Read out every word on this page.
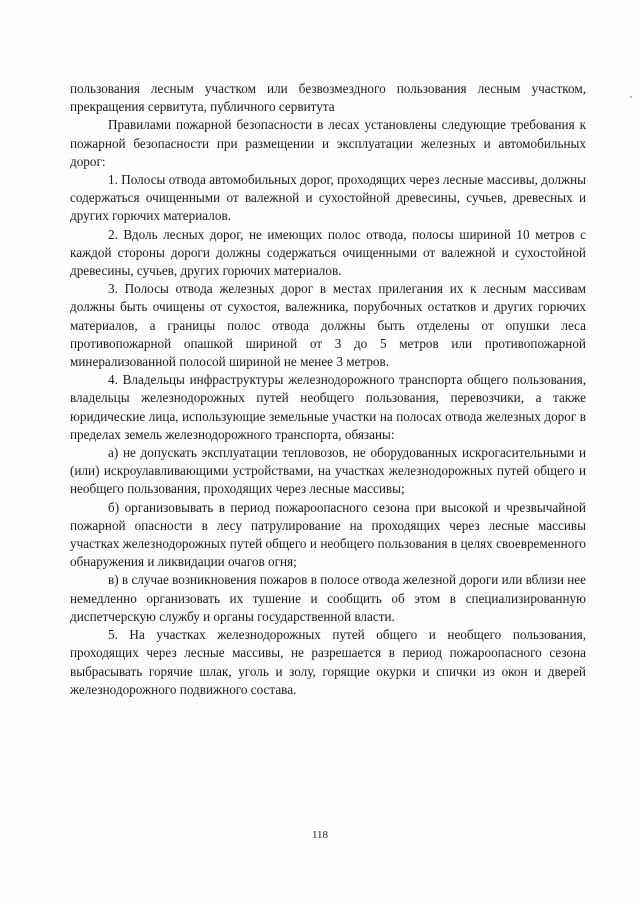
пользования лесным участком или безвозмездного пользования лесным участком, прекращения сервитута, публичного сервитута

Правилами пожарной безопасности в лесах установлены следующие требования к пожарной безопасности при размещении и эксплуатации железных и автомобильных дорог:

1. Полосы отвода автомобильных дорог, проходящих через лесные массивы, должны содержаться очищенными от валежной и сухостойной древесины, сучьев, древесных и других горючих материалов.

2. Вдоль лесных дорог, не имеющих полос отвода, полосы шириной 10 метров с каждой стороны дороги должны содержаться очищенными от валежной и сухостойной древесины, сучьев, других горючих материалов.

3. Полосы отвода железных дорог в местах прилегания их к лесным массивам должны быть очищены от сухостоя, валежника, порубочных остатков и других горючих материалов, а границы полос отвода должны быть отделены от опушки леса противопожарной опашкой шириной от 3 до 5 метров или противопожарной минерализованной полосой шириной не менее 3 метров.

4. Владельцы инфраструктуры железнодорожного транспорта общего пользования, владельцы железнодорожных путей необщего пользования, перевозчики, а также юридические лица, использующие земельные участки на полосах отвода железных дорог в пределах земель железнодорожного транспорта, обязаны:

а) не допускать эксплуатации тепловозов, не оборудованных искрогасительными и (или) искроулавливающими устройствами, на участках железнодорожных путей общего и необщего пользования, проходящих через лесные массивы;

б) организовывать в период пожароопасного сезона при высокой и чрезвычайной пожарной опасности в лесу патрулирование на проходящих через лесные массивы участках железнодорожных путей общего и необщего пользования в целях своевременного обнаружения и ликвидации очагов огня;

в) в случае возникновения пожаров в полосе отвода железной дороги или вблизи нее немедленно организовать их тушение и сообщить об этом в специализированную диспетчерскую службу и органы государственной власти.

5. На участках железнодорожных путей общего и необщего пользования, проходящих через лесные массивы, не разрешается в период пожароопасного сезона выбрасывать горячие шлак, уголь и золу, горящие окурки и спички из окон и дверей железнодорожного подвижного состава.

118
